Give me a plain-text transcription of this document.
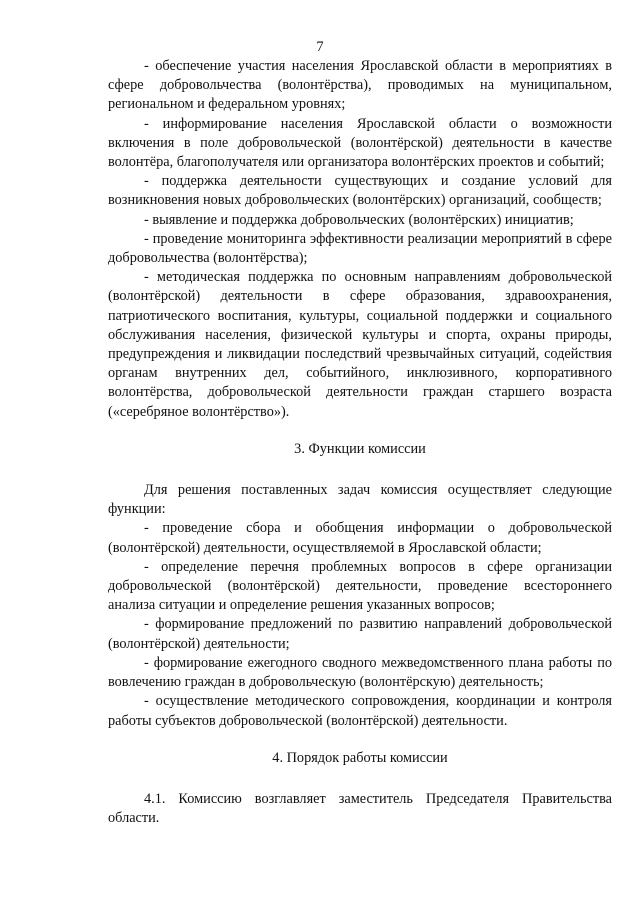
7

- обеспечение участия населения Ярославской области в мероприятиях в сфере добровольчества (волонтёрства), проводимых на муниципальном, региональном и федеральном уровнях;

- информирование населения Ярославской области о возможности включения в поле добровольческой (волонтёрской) деятельности в качестве волонтёра, благополучателя или организатора волонтёрских проектов и событий;

- поддержка деятельности существующих и создание условий для возникновения новых добровольческих (волонтёрских) организаций, сообществ;

- выявление и поддержка добровольческих (волонтёрских) инициатив;

- проведение мониторинга эффективности реализации мероприятий в сфере добровольчества (волонтёрства);

- методическая поддержка по основным направлениям добровольческой (волонтёрской) деятельности в сфере образования, здравоохранения, патриотического воспитания, культуры, социальной поддержки и социального обслуживания населения, физической культуры и спорта, охраны природы, предупреждения и ликвидации последствий чрезвычайных ситуаций, содействия органам внутренних дел, событийного, инклюзивного, корпоративного волонтёрства, добровольческой деятельности граждан старшего возраста («серебряное волонтёрство»).

3. Функции комиссии

Для решения поставленных задач комиссия осуществляет следующие функции:

- проведение сбора и обобщения информации о добровольческой (волонтёрской) деятельности, осуществляемой в Ярославской области;

- определение перечня проблемных вопросов в сфере организации добровольческой (волонтёрской) деятельности, проведение всестороннего анализа ситуации и определение решения указанных вопросов;

- формирование предложений по развитию направлений добровольческой (волонтёрской) деятельности;

- формирование ежегодного сводного межведомственного плана работы по вовлечению граждан в добровольческую (волонтёрскую) деятельность;

- осуществление методического сопровождения, координации и контроля работы субъектов добровольческой (волонтёрской) деятельности.

4. Порядок работы комиссии

4.1. Комиссию возглавляет заместитель Председателя Правительства области.
